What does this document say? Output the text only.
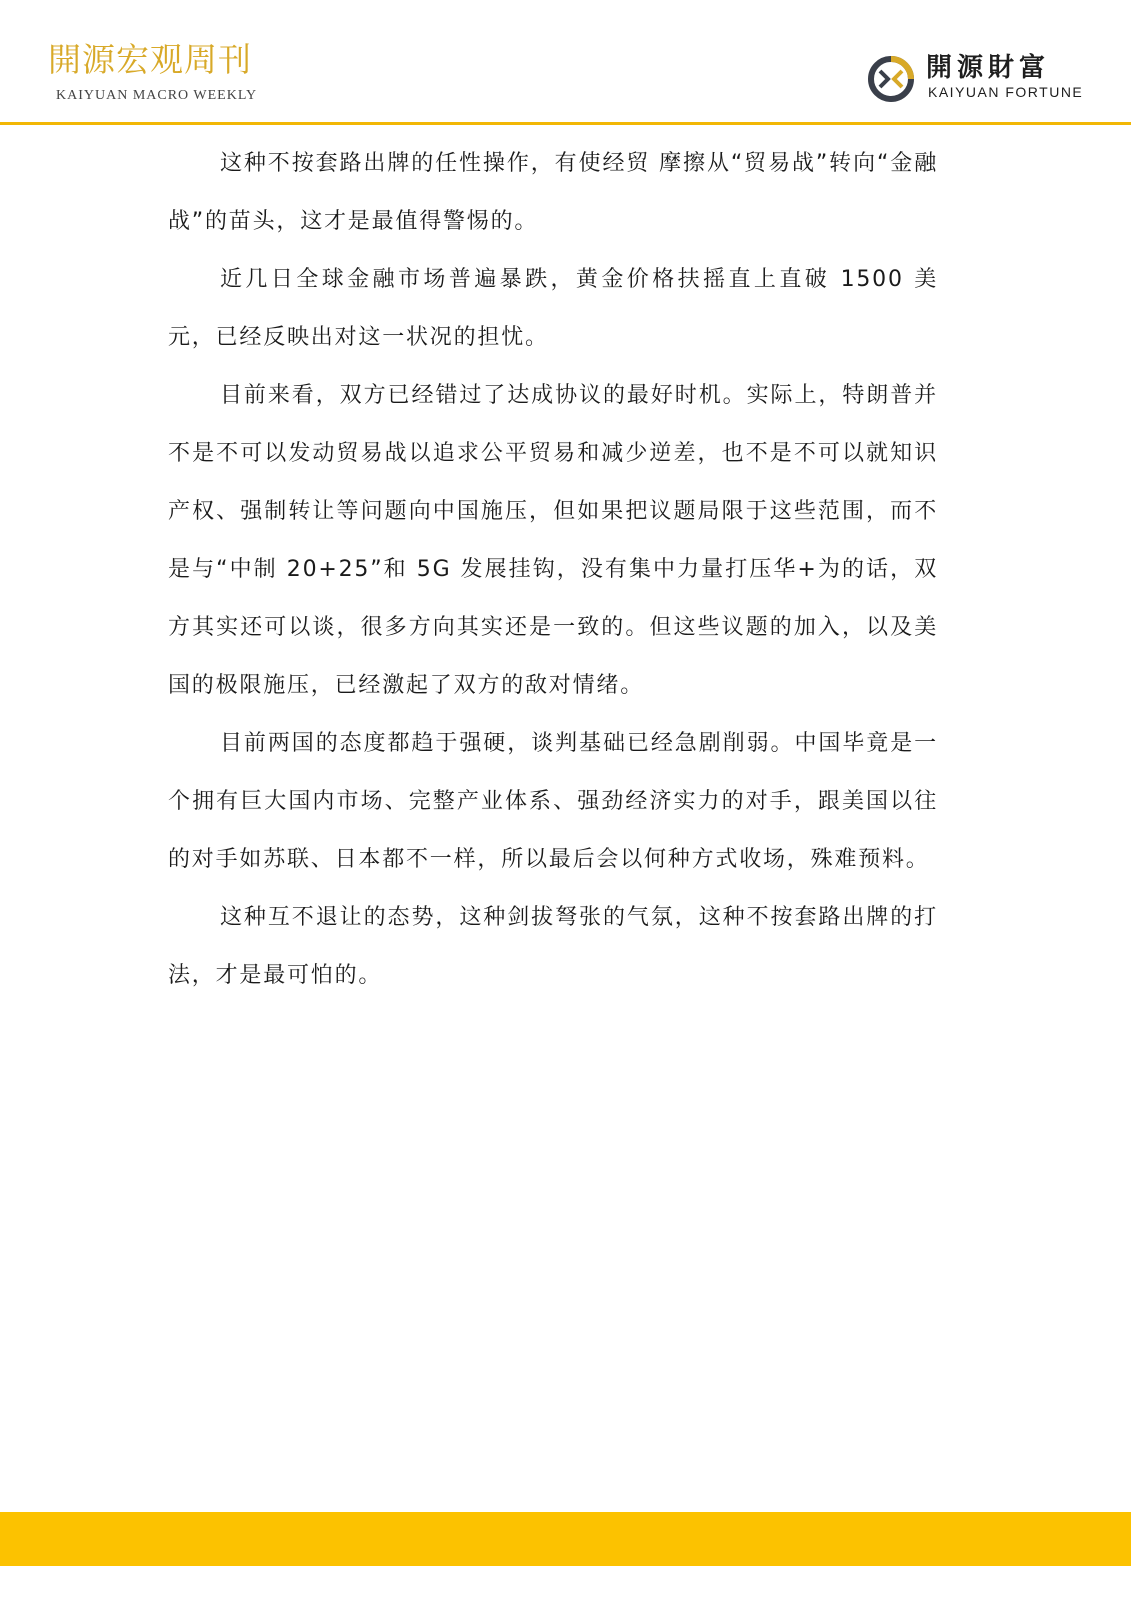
開源宏观周刊
KAIYUAN MACRO WEEKLY
開源財富
KAIYUAN FORTUNE

这种不按套路出牌的任性操作，有使经贸 摩擦从“贸易战”转向“金融战”的苗头，这才是最值得警惕的。

近几日全球金融市场普遍暴跌，黄金价格扶摇直上直破 1500 美元，已经反映出对这一状况的担忧。

目前来看，双方已经错过了达成协议的最好时机。实际上，特朗普并不是不可以发动贸易战以追求公平贸易和减少逆差，也不是不可以就知识产权、强制转让等问题向中国施压，但如果把议题局限于这些范围，而不是与“中制 20+25”和 5G 发展挂钩，没有集中力量打压华+为的话，双方其实还可以谈，很多方向其实还是一致的。但这些议题的加入，以及美国的极限施压，已经激起了双方的敌对情绪。

目前两国的态度都趋于强硬，谈判基础已经急剧削弱。中国毕竟是一个拥有巨大国内市场、完整产业体系、强劲经济实力的对手，跟美国以往的对手如苏联、日本都不一样，所以最后会以何种方式收场，殊难预料。

这种互不退让的态势，这种剑拔弩张的气氛，这种不按套路出牌的打法，才是最可怕的。
